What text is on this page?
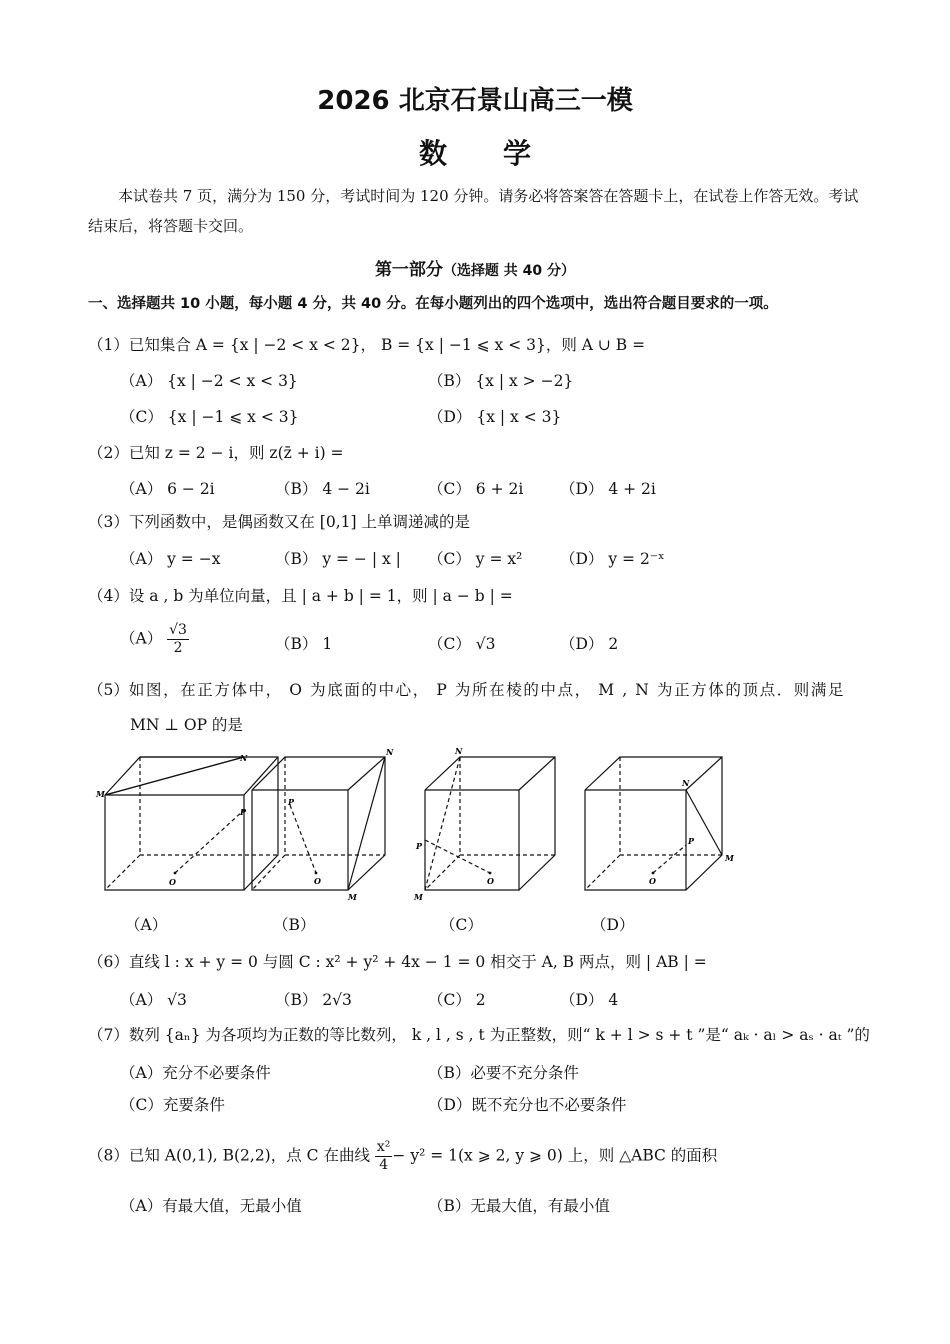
2026 北京石景山高三一模
数　　学
本试卷共 7 页，满分为 150 分，考试时间为 120 分钟。请务必将答案答在答题卡上，在试卷上作答无效。考试结束后，将答题卡交回。
第一部分（选择题 共 40 分）
一、选择题共 10 小题，每小题 4 分，共 40 分。在每小题列出的四个选项中，选出符合题目要求的一项。
（1）已知集合 A = {x | −2 < x < 2}， B = {x | −1 ⩽ x < 3}，则 A ∪ B =
（A） {x | −2 < x < 3}	（B） {x | x > −2}
（C） {x | −1 ⩽ x < 3}	（D） {x | x < 3}
（2）已知 z = 2 − i，则 z(z̄ + i) =
（A） 6 − 2i	（B） 4 − 2i	（C） 6 + 2i （D） 4 + 2i
（3）下列函数中，是偶函数又在 [0,1] 上单调递减的是
（A） y = −x	（B） y = − | x | （C） y = x² （D） y = 2⁻ˣ
（4）设 a , b 为单位向量，且 | a + b | = 1，则 | a − b | =
$(A) \frac{√3}{2}$	（B） 1	（C） √3	（D） 2
（5）如图，在正方体中， O 为底面的中心， P 为所在棱的中点， M , N 为正方体的顶点．则满足
MN ⊥ OP 的是
M
N
P
O
N
P
O
M
N
P
O
M
N
P
O
M
（A）	（B）	（C）	（D）
（6）直线 l : x + y = 0 与圆 C : x² + y² + 4x − 1 = 0 相交于 A, B 两点，则 | AB | =
（A） √3	（B） 2√3	（C） 2	（D） 4
（7）数列 {aₙ} 为各项均为正数的等比数列， k , l , s , t 为正整数，则“ k + l > s + t ”是“ aₖ · aₗ > aₛ · aₜ ”的
（A）充分不必要条件	（B）必要不充分条件
（C）充要条件	（D）既不充分也不必要条件
（8）已知 A(0,1), B(2,2)，点 C 在曲线 $\frac{\text{x²}}{4} - y^2 = 1(x$ ⩾ 2, y ⩾ 0) 上，则 △ABC 的面积
（A）有最大值，无最小值	（B）无最大值，有最小值
